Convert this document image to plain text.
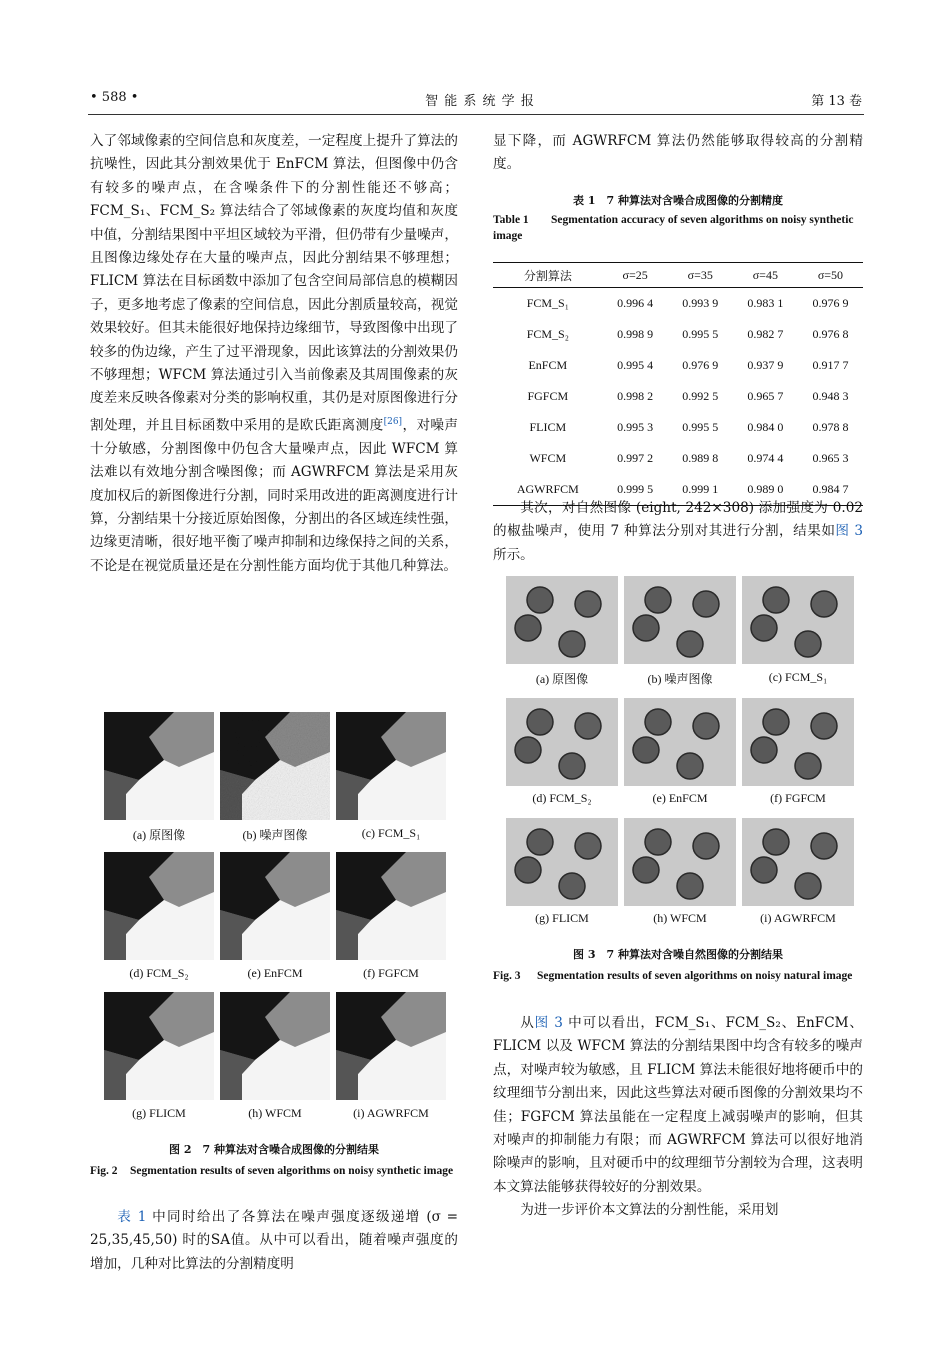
• 588 •	智 能 系 统 学 报	第 13 卷

入了邻域像素的空间信息和灰度差，一定程度上提升了算法的抗噪性，因此其分割效果优于 EnFCM 算法，但图像中仍含有较多的噪声点，在含噪条件下的分割性能还不够高；FCM_S₁、FCM_S₂ 算法结合了邻域像素的灰度均值和灰度中值，分割结果图中平坦区域较为平滑，但仍带有少量噪声，且图像边缘处存在大量的噪声点，因此分割结果不够理想；FLICM 算法在目标函数中添加了包含空间局部信息的模糊因子，更多地考虑了像素的空间信息，因此分割质量较高，视觉效果较好。但其未能很好地保持边缘细节，导致图像中出现了较多的伪边缘，产生了过平滑现象，因此该算法的分割效果仍不够理想；WFCM 算法通过引入当前像素及其周围像素的灰度差来反映各像素对分类的影响权重，其仍是对原图像进行分割处理，并且目标函数中采用的是欧氏距离测度[26]，对噪声十分敏感，分割图像中仍包含大量噪声点，因此 WFCM 算法难以有效地分割含噪图像；而 AGWRFCM 算法是采用灰度加权后的新图像进行分割，同时采用改进的距离测度进行计算，分割结果十分接近原始图像，分割出的各区域连续性强，边缘更清晰，很好地平衡了噪声抑制和边缘保持之间的关系，不论是在视觉质量还是在分割性能方面均优于其他几种算法。

(a) 原图像	(b) 噪声图像	(c) FCM_S₁
(d) FCM_S₂	(e) EnFCM	(f) FGFCM
(g) FLICM	(h) WFCM	(i) AGWRFCM
图 2　7 种算法对含噪合成图像的分割结果
Fig. 2 Segmentation results of seven algorithms on noisy synthetic image

表 1 中同时给出了各算法在噪声强度逐级递增 (σ = 25,35,45,50) 时的SA值。从中可以看出，随着噪声强度的增加，几种对比算法的分割精度明

显下降，而 AGWRFCM 算法仍然能够取得较高的分割精度。

表 1　7 种算法对含噪合成图像的分割精度
Table 1 Segmentation accuracy of seven algorithms on noisy synthetic image
分割算法	σ=25	σ=35	σ=45	σ=50
FCM_S₁	0.996 4	0.993 9	0.983 1	0.976 9
FCM_S₂	0.998 9	0.995 5	0.982 7	0.976 8
EnFCM	0.995 4	0.976 9	0.937 9	0.917 7
FGFCM	0.998 2	0.992 5	0.965 7	0.948 3
FLICM	0.995 3	0.995 5	0.984 0	0.978 8
WFCM	0.997 2	0.989 8	0.974 4	0.965 3
AGWRFCM	0.999 5	0.999 1	0.989 0	0.984 7

其次，对自然图像 (eight, 242×308) 添加强度为 0.02 的椒盐噪声，使用 7 种算法分别对其进行分割，结果如图 3 所示。

(a) 原图像	(b) 噪声图像	(c) FCM_S₁
(d) FCM_S₂	(e) EnFCM	(f) FGFCM
(g) FLICM	(h) WFCM	(i) AGWRFCM
图 3　7 种算法对含噪自然图像的分割结果
Fig. 3 Segmentation results of seven algorithms on noisy natural image

从图 3 中可以看出，FCM_S₁、FCM_S₂、EnFCM、FLICM 以及 WFCM 算法的分割结果图中均含有较多的噪声点，对噪声较为敏感，且 FLICM 算法未能很好地将硬币中的纹理细节分割出来，因此这些算法对硬币图像的分割效果均不佳；FGFCM 算法虽能在一定程度上减弱噪声的影响，但其对噪声的抑制能力有限；而 AGWRFCM 算法可以很好地消除噪声的影响，且对硬币中的纹理细节分割较为合理，这表明本文算法能够获得较好的分割效果。

为进一步评价本文算法的分割性能，采用划
